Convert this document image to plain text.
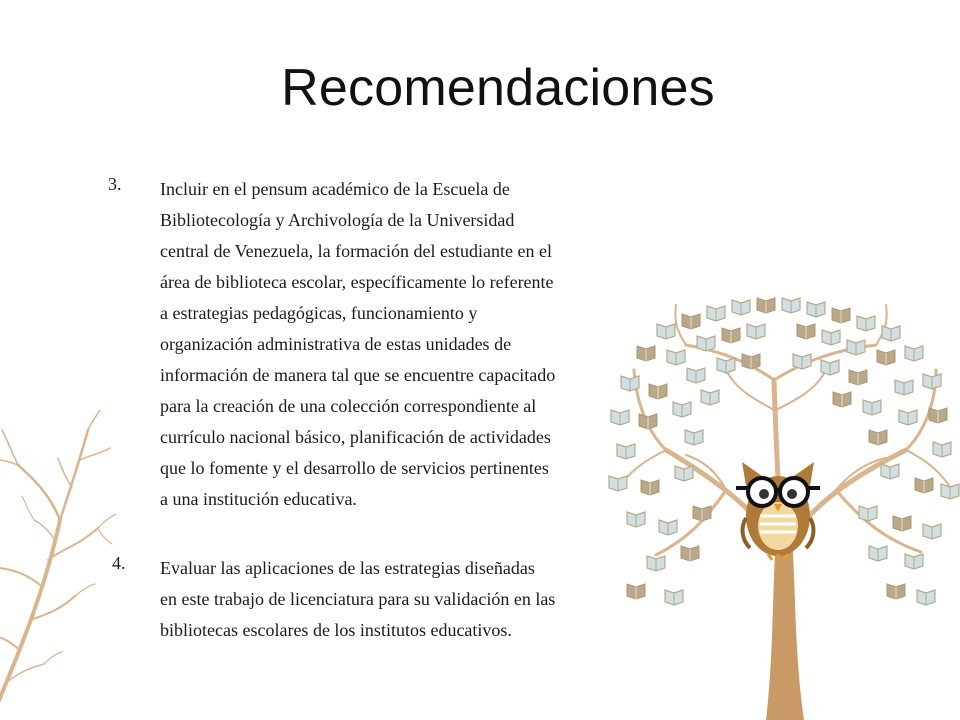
Recomendaciones
3. Incluir en el pensum académico de la Escuela de
Bibliotecología y Archivología de la Universidad
central de Venezuela, la formación del estudiante en el
área de biblioteca escolar, específicamente lo referente
a estrategias pedagógicas, funcionamiento y
organización administrativa de estas unidades de
información de manera tal que se encuentre capacitado
para la creación de una colección correspondiente al
currículo nacional básico, planificación de actividades
que lo fomente y el desarrollo de servicios pertinentes
a una institución educativa.
4. Evaluar las aplicaciones de las estrategias diseñadas
en este trabajo de licenciatura para su validación en las
bibliotecas escolares de los institutos educativos.
